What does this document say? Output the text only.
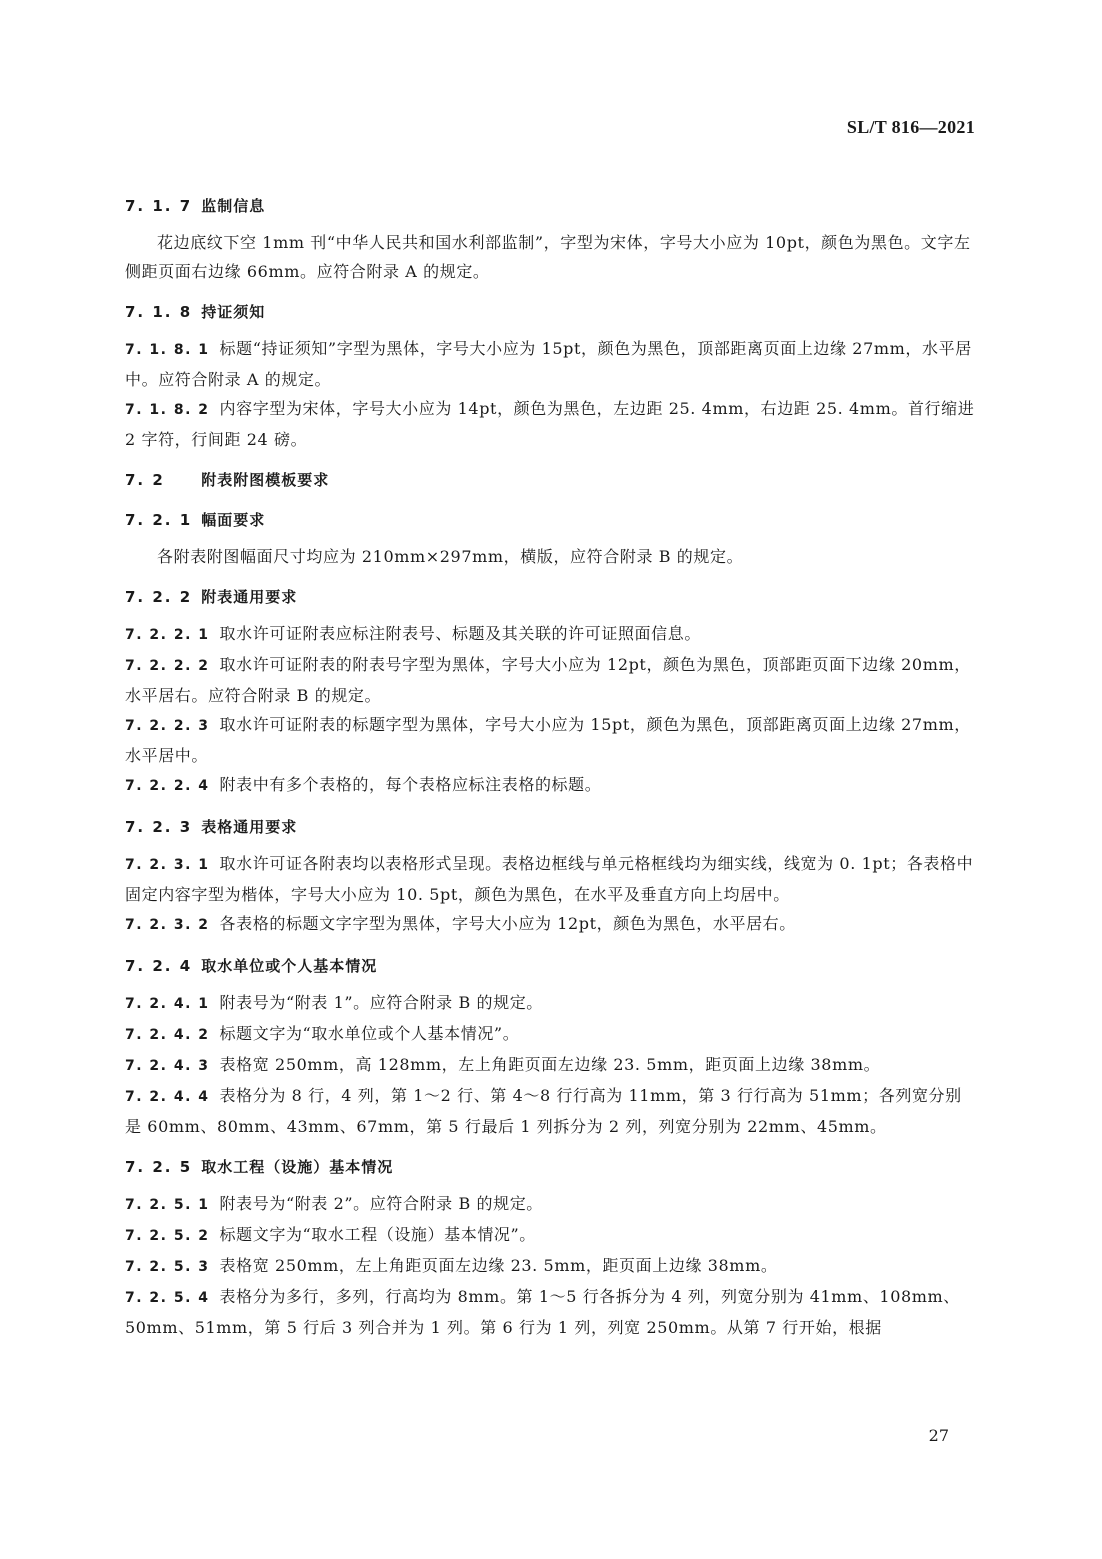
SL/T 816—2021
7. 1. 7 监制信息

花边底纹下空 1mm 刊“中华人民共和国水利部监制”，字型为宋体，字号大小应为 10pt，颜色为黑色。文字左侧距页面右边缘 66mm。应符合附录 A 的规定。

7. 1. 8 持证须知

7. 1. 8. 1 标题“持证须知”字型为黑体，字号大小应为 15pt，颜色为黑色，顶部距离页面上边缘 27mm，水平居中。应符合附录 A 的规定。

7. 1. 8. 2 内容字型为宋体，字号大小应为 14pt，颜色为黑色，左边距 25. 4mm，右边距 25. 4mm。首行缩进 2 字符，行间距 24 磅。

7. 2 附表附图模板要求
7. 2. 1 幅面要求

各附表附图幅面尺寸均应为 210mm×297mm，横版，应符合附录 B 的规定。

7. 2. 2 附表通用要求

7. 2. 2. 1 取水许可证附表应标注附表号、标题及其关联的许可证照面信息。

7. 2. 2. 2 取水许可证附表的附表号字型为黑体，字号大小应为 12pt，颜色为黑色，顶部距页面下边缘 20mm，水平居右。应符合附录 B 的规定。

7. 2. 2. 3 取水许可证附表的标题字型为黑体，字号大小应为 15pt，颜色为黑色，顶部距离页面上边缘 27mm，水平居中。

7. 2. 2. 4 附表中有多个表格的，每个表格应标注表格的标题。

7. 2. 3 表格通用要求

7. 2. 3. 1 取水许可证各附表均以表格形式呈现。表格边框线与单元格框线均为细实线，线宽为 0. 1pt；各表格中固定内容字型为楷体，字号大小应为 10. 5pt，颜色为黑色，在水平及垂直方向上均居中。

7. 2. 3. 2 各表格的标题文字字型为黑体，字号大小应为 12pt，颜色为黑色，水平居右。

7. 2. 4 取水单位或个人基本情况

7. 2. 4. 1 附表号为“附表 1”。应符合附录 B 的规定。

7. 2. 4. 2 标题文字为“取水单位或个人基本情况”。

7. 2. 4. 3 表格宽 250mm，高 128mm，左上角距页面左边缘 23. 5mm，距页面上边缘 38mm。

7. 2. 4. 4 表格分为 8 行，4 列，第 1～2 行、第 4～8 行行高为 11mm，第 3 行行高为 51mm；各列宽分别是 60mm、80mm、43mm、67mm，第 5 行最后 1 列拆分为 2 列，列宽分别为 22mm、45mm。

7. 2. 5 取水工程（设施）基本情况

7. 2. 5. 1 附表号为“附表 2”。应符合附录 B 的规定。

7. 2. 5. 2 标题文字为“取水工程（设施）基本情况”。

7. 2. 5. 3 表格宽 250mm，左上角距页面左边缘 23. 5mm，距页面上边缘 38mm。

7. 2. 5. 4 表格分为多行，多列，行高均为 8mm。第 1～5 行各拆分为 4 列，列宽分别为 41mm、108mm、50mm、51mm，第 5 行后 3 列合并为 1 列。第 6 行为 1 列，列宽 250mm。从第 7 行开始，根据

27
